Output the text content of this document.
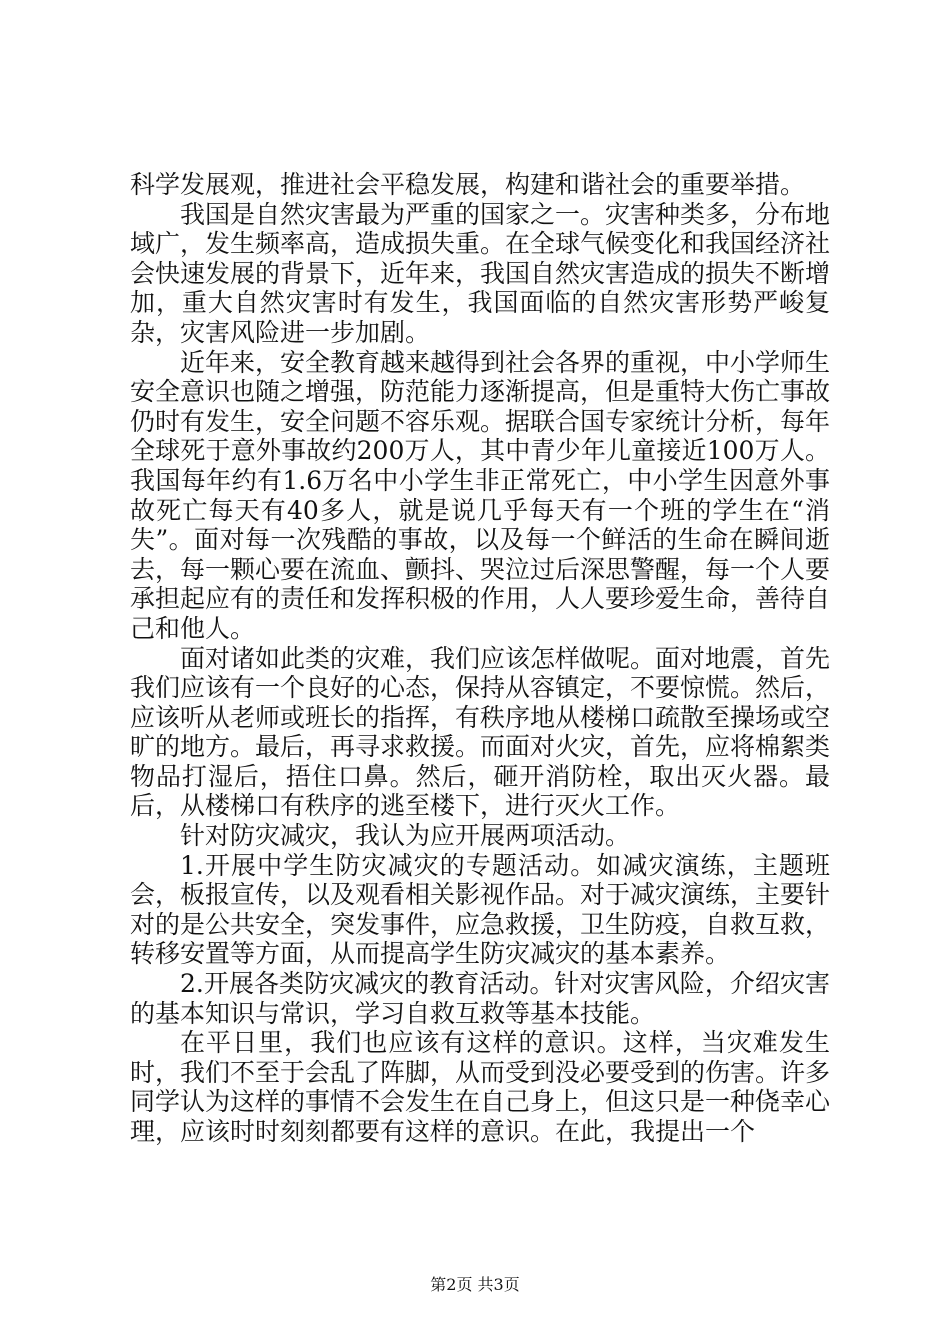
科学发展观，推进社会平稳发展，构建和谐社会的重要举措。

我国是自然灾害最为严重的国家之一。灾害种类多，分布地域广，发生频率高，造成损失重。在全球气候变化和我国经济社会快速发展的背景下，近年来，我国自然灾害造成的损失不断增加，重大自然灾害时有发生，我国面临的自然灾害形势严峻复杂，灾害风险进一步加剧。

近年来，安全教育越来越得到社会各界的重视，中小学师生安全意识也随之增强，防范能力逐渐提高，但是重特大伤亡事故仍时有发生，安全问题不容乐观。据联合国专家统计分析，每年全球死于意外事故约200万人，其中青少年儿童接近100万人。我国每年约有1.6万名中小学生非正常死亡，中小学生因意外事故死亡每天有40多人，就是说几乎每天有一个班的学生在“消失”。面对每一次残酷的事故，以及每一个鲜活的生命在瞬间逝去，每一颗心要在流血、颤抖、哭泣过后深思警醒，每一个人要承担起应有的责任和发挥积极的作用，人人要珍爱生命，善待自己和他人。

面对诸如此类的灾难，我们应该怎样做呢。面对地震，首先我们应该有一个良好的心态，保持从容镇定，不要惊慌。然后，应该听从老师或班长的指挥，有秩序地从楼梯口疏散至操场或空旷的地方。最后，再寻求救援。而面对火灾，首先，应将棉絮类物品打湿后，捂住口鼻。然后，砸开消防栓，取出灭火器。最后，从楼梯口有秩序的逃至楼下，进行灭火工作。

针对防灾减灾，我认为应开展两项活动。

1.开展中学生防灾减灾的专题活动。如减灾演练，主题班会，板报宣传，以及观看相关影视作品。对于减灾演练，主要针对的是公共安全，突发事件，应急救援，卫生防疫，自救互救，转移安置等方面，从而提高学生防灾减灾的基本素养。

2.开展各类防灾减灾的教育活动。针对灾害风险，介绍灾害的基本知识与常识，学习自救互救等基本技能。

在平日里，我们也应该有这样的意识。这样，当灾难发生时，我们不至于会乱了阵脚，从而受到没必要受到的伤害。许多同学认为这样的事情不会发生在自己身上，但这只是一种侥幸心理，应该时时刻刻都要有这样的意识。在此，我提出一个

第2页 共3页
